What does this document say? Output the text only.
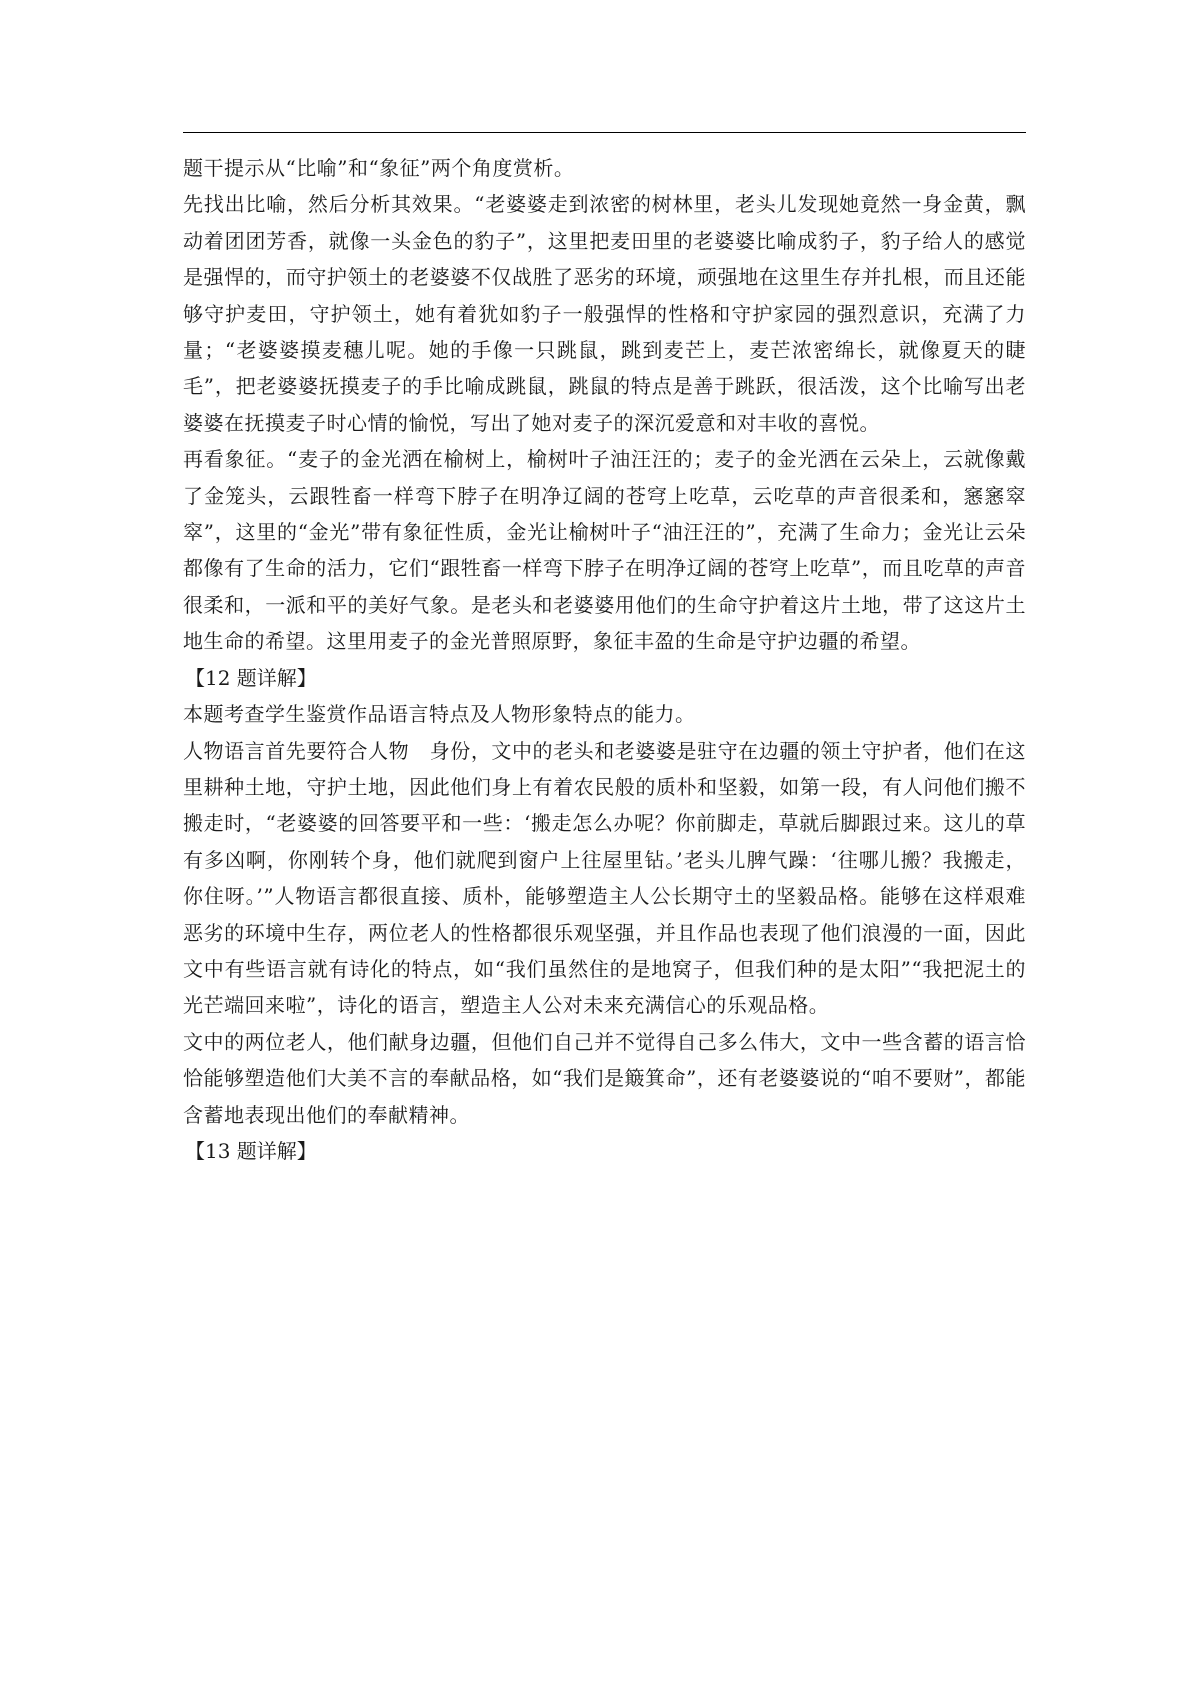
题干提示从“比喻”和“象征”两个角度赏析。

先找出比喻，然后分析其效果。“老婆婆走到浓密的树林里，老头儿发现她竟然一身金黄，飘动着团团芳香，就像一头金色的豹子”，这里把麦田里的老婆婆比喻成豹子，豹子给人的感觉是强悍的，而守护领土的老婆婆不仅战胜了恶劣的环境，顽强地在这里生存并扎根，而且还能够守护麦田，守护领土，她有着犹如豹子一般强悍的性格和守护家园的强烈意识，充满了力量；“老婆婆摸麦穗儿呢。她的手像一只跳鼠，跳到麦芒上，麦芒浓密绵长，就像夏天的睫毛”，把老婆婆抚摸麦子的手比喻成跳鼠，跳鼠的特点是善于跳跃，很活泼，这个比喻写出老婆婆在抚摸麦子时心情的愉悦，写出了她对麦子的深沉爱意和对丰收的喜悦。

再看象征。“麦子的金光洒在榆树上，榆树叶子油汪汪的；麦子的金光洒在云朵上，云就像戴了金笼头，云跟牲畜一样弯下脖子在明净辽阔的苍穹上吃草，云吃草的声音很柔和，窸窸窣窣”，这里的“金光”带有象征性质，金光让榆树叶子“油汪汪的”，充满了生命力；金光让云朵都像有了生命的活力，它们“跟牲畜一样弯下脖子在明净辽阔的苍穹上吃草”，而且吃草的声音很柔和，一派和平的美好气象。是老头和老婆婆用他们的生命守护着这片土地，带了这这片土地生命的希望。这里用麦子的金光普照原野，象征丰盈的生命是守护边疆的希望。

【12 题详解】

本题考查学生鉴赏作品语言特点及人物形象特点的能力。

人物语言首先要符合人物　身份，文中的老头和老婆婆是驻守在边疆的领土守护者，他们在这里耕种土地，守护土地，因此他们身上有着农民般的质朴和坚毅，如第一段，有人问他们搬不搬走时，“老婆婆的回答要平和一些：‘搬走怎么办呢？你前脚走，草就后脚跟过来。这儿的草有多凶啊，你刚转个身，他们就爬到窗户上往屋里钻。’老头儿脾气躁：‘往哪儿搬？我搬走，你住呀。’”人物语言都很直接、质朴，能够塑造主人公长期守土的坚毅品格。能够在这样艰难恶劣的环境中生存，两位老人的性格都很乐观坚强，并且作品也表现了他们浪漫的一面，因此文中有些语言就有诗化的特点，如“我们虽然住的是地窝子，但我们种的是太阳”“我把泥土的光芒端回来啦”，诗化的语言，塑造主人公对未来充满信心的乐观品格。

文中的两位老人，他们献身边疆，但他们自己并不觉得自己多么伟大，文中一些含蓄的语言恰恰能够塑造他们大美不言的奉献品格，如“我们是簸箕命”，还有老婆婆说的“咱不要财”，都能含蓄地表现出他们的奉献精神。

【13 题详解】
